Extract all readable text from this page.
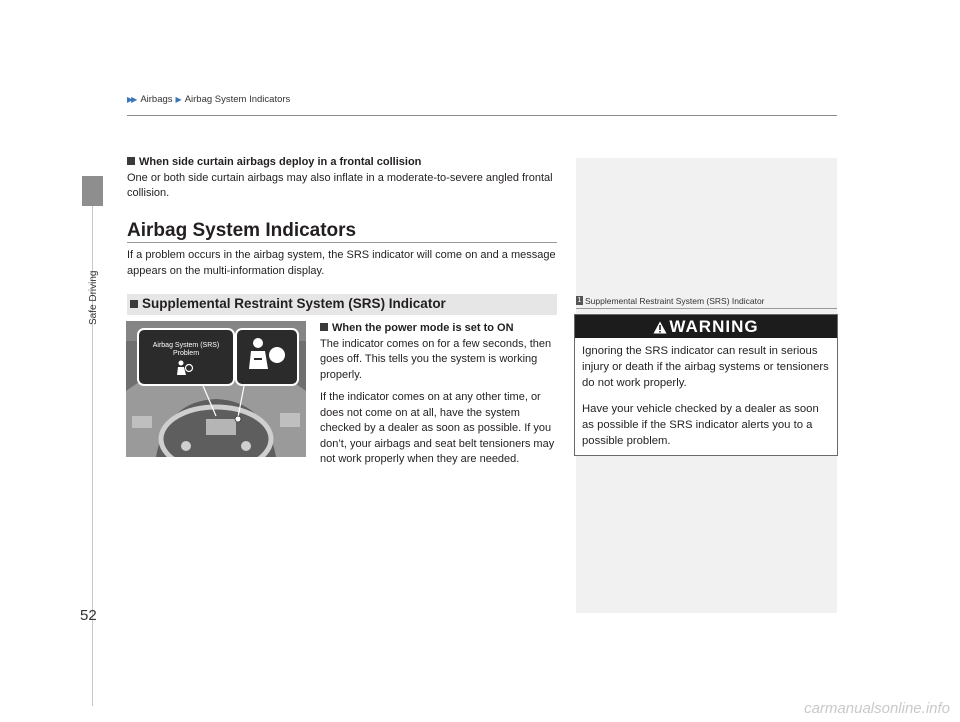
Safe Driving
▶▶ Airbags ▶ Airbag System Indicators
When side curtain airbags deploy in a frontal collision
One or both side curtain airbags may also inflate in a moderate-to-severe angled frontal collision.
Airbag System Indicators
If a problem occurs in the airbag system, the SRS indicator will come on and a message appears on the multi-information display.
Supplemental Restraint System (SRS) Indicator
Airbag System (SRS)
Problem
When the power mode is set to ON

The indicator comes on for a few seconds, then goes off. This tells you the system is working properly.

If the indicator comes on at any other time, or does not come on at all, have the system checked by a dealer as soon as possible. If you don’t, your airbags and seat belt tensioners may not work properly when they are needed.

1 Supplemental Restraint System (SRS) Indicator
WARNING

Ignoring the SRS indicator can result in serious injury or death if the airbag systems or tensioners do not work properly.

Have your vehicle checked by a dealer as soon as possible if the SRS indicator alerts you to a possible problem.

52
carmanualsonline.info
